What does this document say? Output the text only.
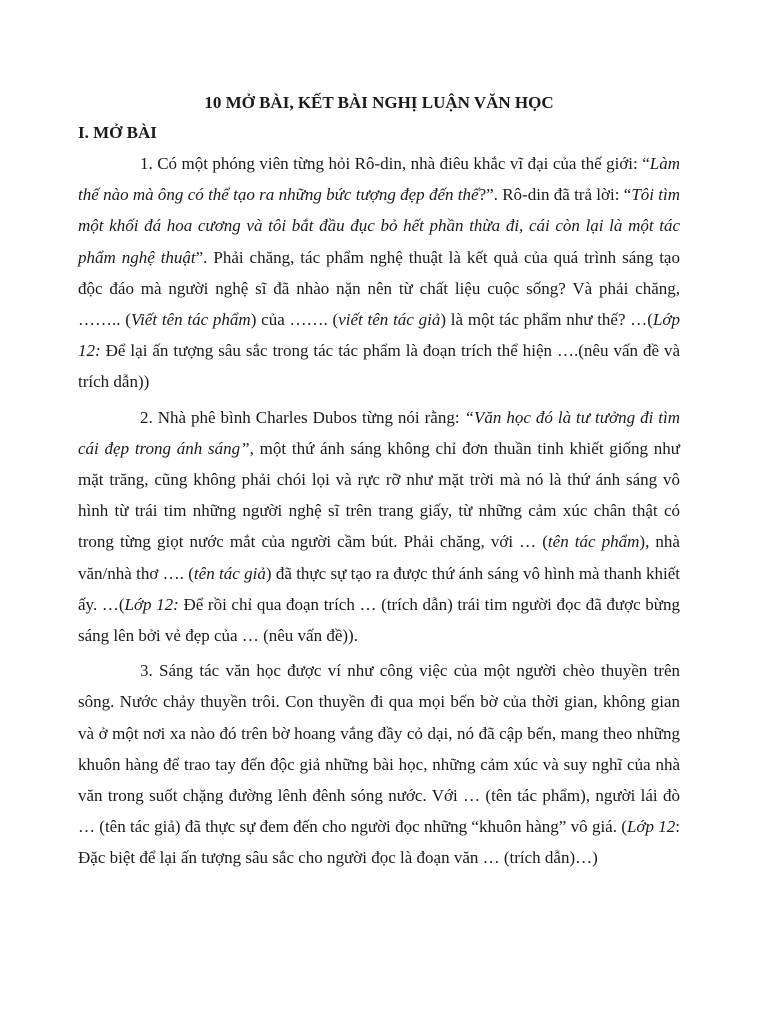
10 MỞ BÀI, KẾT BÀI NGHỊ LUẬN VĂN HỌC
I. MỞ BÀI

1. Có một phóng viên từng hỏi Rô-din, nhà điêu khắc vĩ đại của thế giới: “Làm thế nào mà ông có thể tạo ra những bức tượng đẹp đến thế?”. Rô-din đã trả lời: “Tôi tìm một khối đá hoa cương và tôi bắt đầu đục bỏ hết phần thừa đi, cái còn lại là một tác phẩm nghệ thuật”. Phải chăng, tác phẩm nghệ thuật là kết quả của quá trình sáng tạo độc đáo mà người nghệ sĩ đã nhào nặn nên từ chất liệu cuộc sống? Và phải chăng, …….. (Viết tên tác phẩm) của ……. (viết tên tác giả) là một tác phẩm như thế? …(Lớp 12: Để lại ấn tượng sâu sắc trong tác tác phẩm là đoạn trích thể hiện ….(nêu vấn đề và trích dẫn))

2. Nhà phê bình Charles Dubos từng nói rằng: “Văn học đó là tư tưởng đi tìm cái đẹp trong ánh sáng”, một thứ ánh sáng không chỉ đơn thuần tinh khiết giống như mặt trăng, cũng không phải chói lọi và rực rỡ như mặt trời mà nó là thứ ánh sáng vô hình từ trái tim những người nghệ sĩ trên trang giấy, từ những cảm xúc chân thật có trong từng giọt nước mắt của người cầm bút. Phải chăng, với … (tên tác phẩm), nhà văn/nhà thơ …. (tên tác giả) đã thực sự tạo ra được thứ ánh sáng vô hình mà thanh khiết ấy. …(Lớp 12: Để rồi chỉ qua đoạn trích … (trích dẫn) trái tim người đọc đã được bừng sáng lên bởi vẻ đẹp của … (nêu vấn đề)).

3. Sáng tác văn học được ví như công việc của một người chèo thuyền trên sông. Nước chảy thuyền trôi. Con thuyền đi qua mọi bến bờ của thời gian, không gian và ở một nơi xa nào đó trên bờ hoang vắng đầy cỏ dại, nó đã cập bến, mang theo những khuôn hàng để trao tay đến độc giả những bài học, những cảm xúc và suy nghĩ của nhà văn trong suốt chặng đường lênh đênh sóng nước. Với … (tên tác phẩm), người lái đò … (tên tác giả) đã thực sự đem đến cho người đọc những “khuôn hàng” vô giá. (Lớp 12: Đặc biệt để lại ấn tượng sâu sắc cho người đọc là đoạn văn … (trích dẫn)…)
